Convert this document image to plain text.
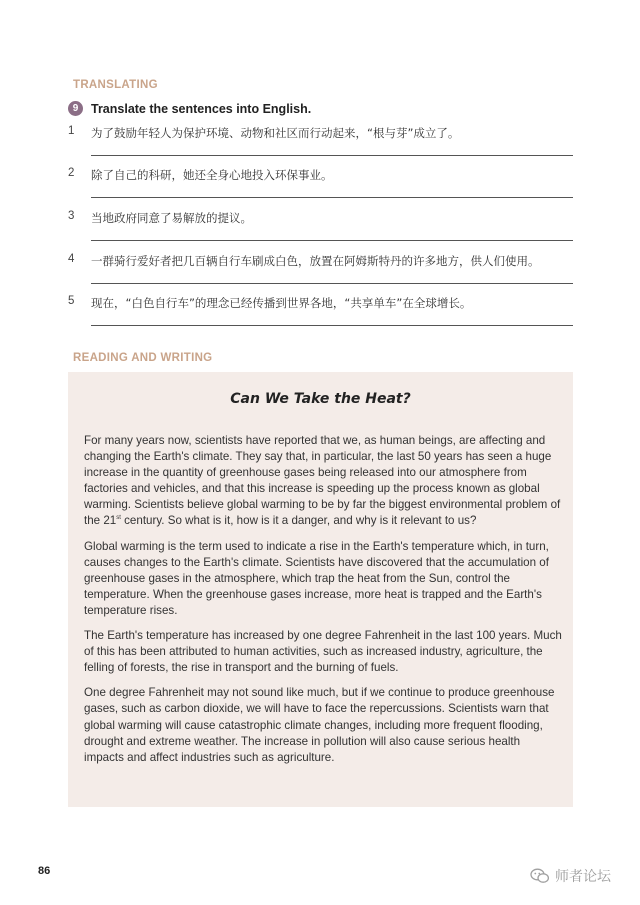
TRANSLATING
9	Translate the sentences into English.
1 为了鼓励年轻人为保护环境、动物和社区而行动起来，“根与芽”成立了。
2 除了自己的科研，她还全身心地投入环保事业。
3 当地政府同意了易解放的提议。
4 一群骑行爱好者把几百辆自行车刷成白色，放置在阿姆斯特丹的许多地方，供人们使用。
5 现在，“白色自行车”的理念已经传播到世界各地，“共享单车”在全球增长。
READING AND WRITING
Can We Take the Heat?

For many years now, scientists have reported that we, as human beings, are affecting and changing the Earth's climate. They say that, in particular, the last 50 years has seen a huge increase in the quantity of greenhouse gases being released into our atmosphere from factories and vehicles, and that this increase is speeding up the process known as global warming. Scientists believe global warming to be by far the biggest environmental problem of the 21st century. So what is it, how is it a danger, and why is it relevant to us?

Global warming is the term used to indicate a rise in the Earth's temperature which, in turn, causes changes to the Earth's climate. Scientists have discovered that the accumulation of greenhouse gases in the atmosphere, which trap the heat from the Sun, control the temperature. When the greenhouse gases increase, more heat is trapped and the Earth's temperature rises.

The Earth's temperature has increased by one degree Fahrenheit in the last 100 years. Much of this has been attributed to human activities, such as increased industry, agriculture, the felling of forests, the rise in transport and the burning of fuels.

One degree Fahrenheit may not sound like much, but if we continue to produce greenhouse gases, such as carbon dioxide, we will have to face the repercussions. Scientists warn that global warming will cause catastrophic climate changes, including more frequent flooding, drought and extreme weather. The increase in pollution will also cause serious health impacts and affect industries such as agriculture.

86	师者论坛
